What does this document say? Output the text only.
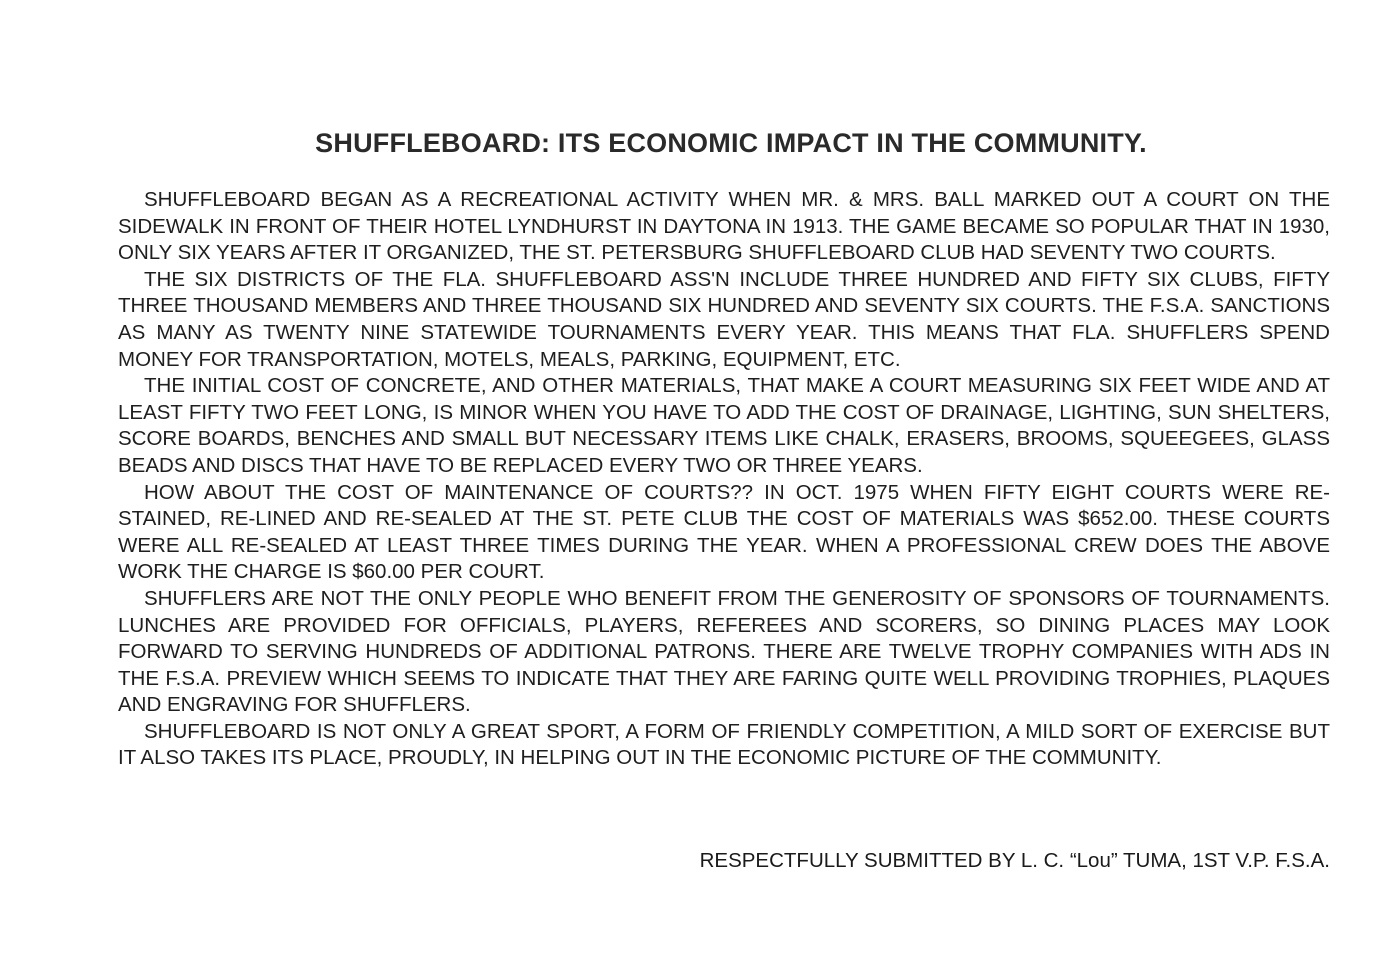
SHUFFLEBOARD: ITS ECONOMIC IMPACT IN THE COMMUNITY.

SHUFFLEBOARD BEGAN AS A RECREATIONAL ACTIVITY WHEN MR. & MRS. BALL MARKED OUT A COURT ON THE SIDEWALK IN FRONT OF THEIR HOTEL LYNDHURST IN DAYTONA IN 1913. THE GAME BECAME SO POPULAR THAT IN 1930, ONLY SIX YEARS AFTER IT ORGANIZED, THE ST. PETERSBURG SHUFFLEBOARD CLUB HAD SEVENTY TWO COURTS.

THE SIX DISTRICTS OF THE FLA. SHUFFLEBOARD ASS'N INCLUDE THREE HUNDRED AND FIFTY SIX CLUBS, FIFTY THREE THOUSAND MEMBERS AND THREE THOUSAND SIX HUNDRED AND SEVENTY SIX COURTS. THE F.S.A. SANCTIONS AS MANY AS TWENTY NINE STATEWIDE TOURNAMENTS EVERY YEAR. THIS MEANS THAT FLA. SHUFFLERS SPEND MONEY FOR TRANSPORTATION, MOTELS, MEALS, PARKING, EQUIPMENT, ETC.

THE INITIAL COST OF CONCRETE, AND OTHER MATERIALS, THAT MAKE A COURT MEASURING SIX FEET WIDE AND AT LEAST FIFTY TWO FEET LONG, IS MINOR WHEN YOU HAVE TO ADD THE COST OF DRAINAGE, LIGHTING, SUN SHELTERS, SCORE BOARDS, BENCHES AND SMALL BUT NECESSARY ITEMS LIKE CHALK, ERASERS, BROOMS, SQUEEGEES, GLASS BEADS AND DISCS THAT HAVE TO BE REPLACED EVERY TWO OR THREE YEARS.

HOW ABOUT THE COST OF MAINTENANCE OF COURTS?? IN OCT. 1975 WHEN FIFTY EIGHT COURTS WERE RE-STAINED, RE-LINED AND RE-SEALED AT THE ST. PETE CLUB THE COST OF MATERIALS WAS $652.00. THESE COURTS WERE ALL RE-SEALED AT LEAST THREE TIMES DURING THE YEAR. WHEN A PROFESSIONAL CREW DOES THE ABOVE WORK THE CHARGE IS $60.00 PER COURT.

SHUFFLERS ARE NOT THE ONLY PEOPLE WHO BENEFIT FROM THE GENEROSITY OF SPONSORS OF TOURNAMENTS. LUNCHES ARE PROVIDED FOR OFFICIALS, PLAYERS, REFEREES AND SCORERS, SO DINING PLACES MAY LOOK FORWARD TO SERVING HUNDREDS OF ADDITIONAL PATRONS. THERE ARE TWELVE TROPHY COMPANIES WITH ADS IN THE F.S.A. PREVIEW WHICH SEEMS TO INDICATE THAT THEY ARE FARING QUITE WELL PROVIDING TROPHIES, PLAQUES AND ENGRAVING FOR SHUFFLERS.

SHUFFLEBOARD IS NOT ONLY A GREAT SPORT, A FORM OF FRIENDLY COMPETITION, A MILD SORT OF EXERCISE BUT IT ALSO TAKES ITS PLACE, PROUDLY, IN HELPING OUT IN THE ECONOMIC PICTURE OF THE COMMUNITY.

RESPECTFULLY SUBMITTED BY L. C. “Lou” TUMA, 1ST V.P. F.S.A.
